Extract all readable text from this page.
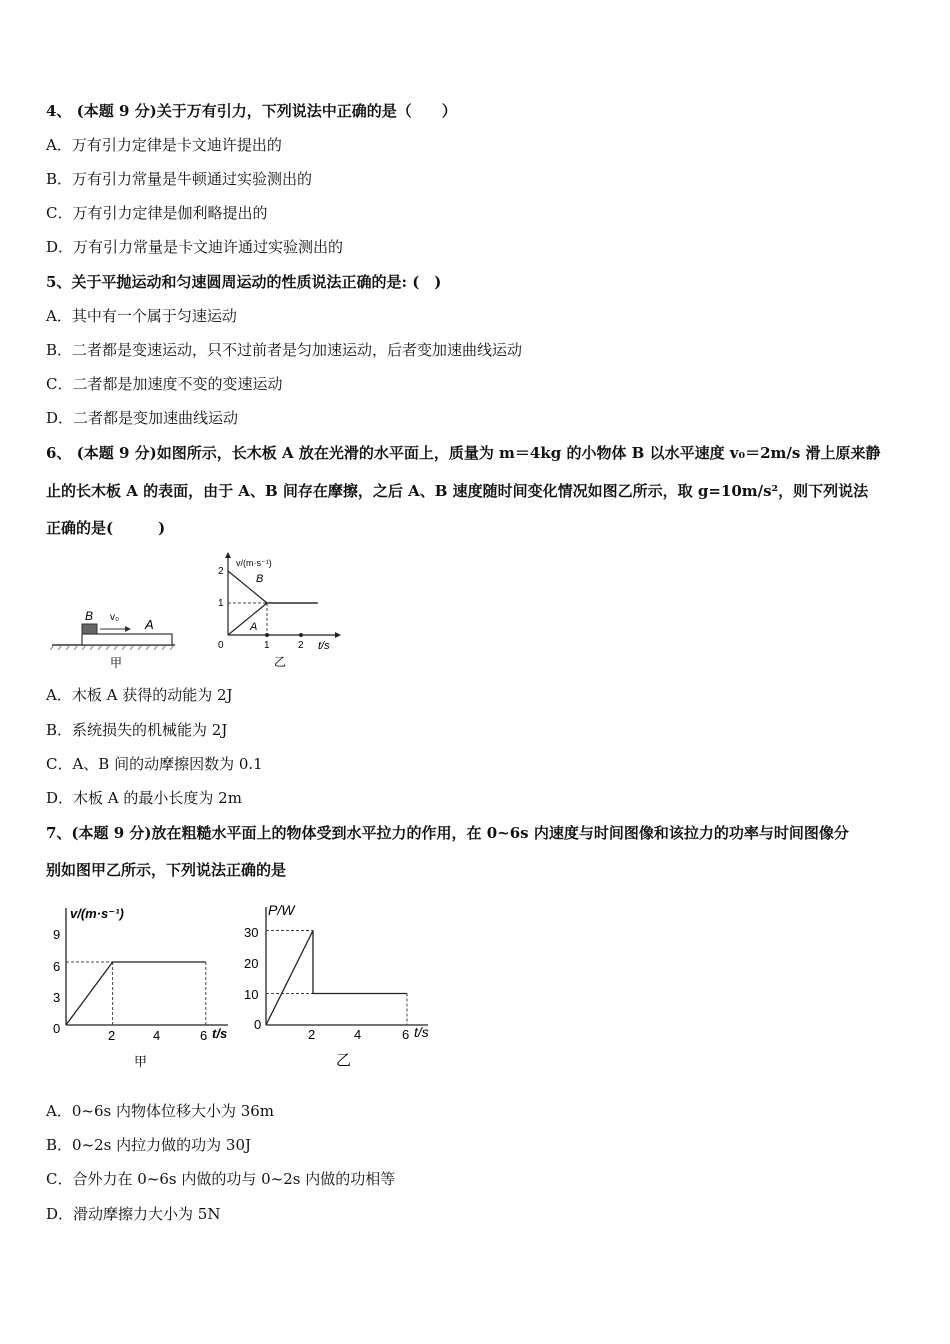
4、 (本题 9 分)关于万有引力，下列说法中正确的是（　　）
A．万有引力定律是卡文迪许提出的
B．万有引力常量是牛顿通过实验测出的
C．万有引力定律是伽利略提出的
D．万有引力常量是卡文迪许通过实验测出的
5、关于平抛运动和匀速圆周运动的性质说法正确的是: (　)
A．其中有一个属于匀速运动
B．二者都是变速运动，只不过前者是匀加速运动，后者变加速曲线运动
C．二者都是加速度不变的变速运动
D．二者都是变加速曲线运动
6、 (本题 9 分)如图所示，长木板 A 放在光滑的水平面上，质量为 m＝4kg 的小物体 B 以水平速度 v₀＝2m/s 滑上原来静
止的长木板 A 的表面，由于 A、B 间存在摩擦，之后 A、B 速度随时间变化情况如图乙所示，取 g=10m/s²，则下列说法
正确的是(　　　)
B v₀ A
甲
v/(m·s⁻¹)
2
1
0	1	2 t/s
B
A
乙
A．木板 A 获得的动能为 2J
B．系统损失的机械能为 2J
C．A、B 间的动摩擦因数为 0.1
D．木板 A 的最小长度为 2m
7、(本题 9 分)放在粗糙水平面上的物体受到水平拉力的作用，在 0~6s 内速度与时间图像和该拉力的功率与时间图像分
别如图甲乙所示，下列说法正确的是
v/(m·s⁻¹)
9
6
3
0	2	4	6 t/s
甲
P/W
30
20
10
0
2	4	6 t/s
乙
A．0~6s 内物体位移大小为 36m
B．0~2s 内拉力做的功为 30J
C．合外力在 0~6s 内做的功与 0~2s 内做的功相等
D．滑动摩擦力大小为 5N
